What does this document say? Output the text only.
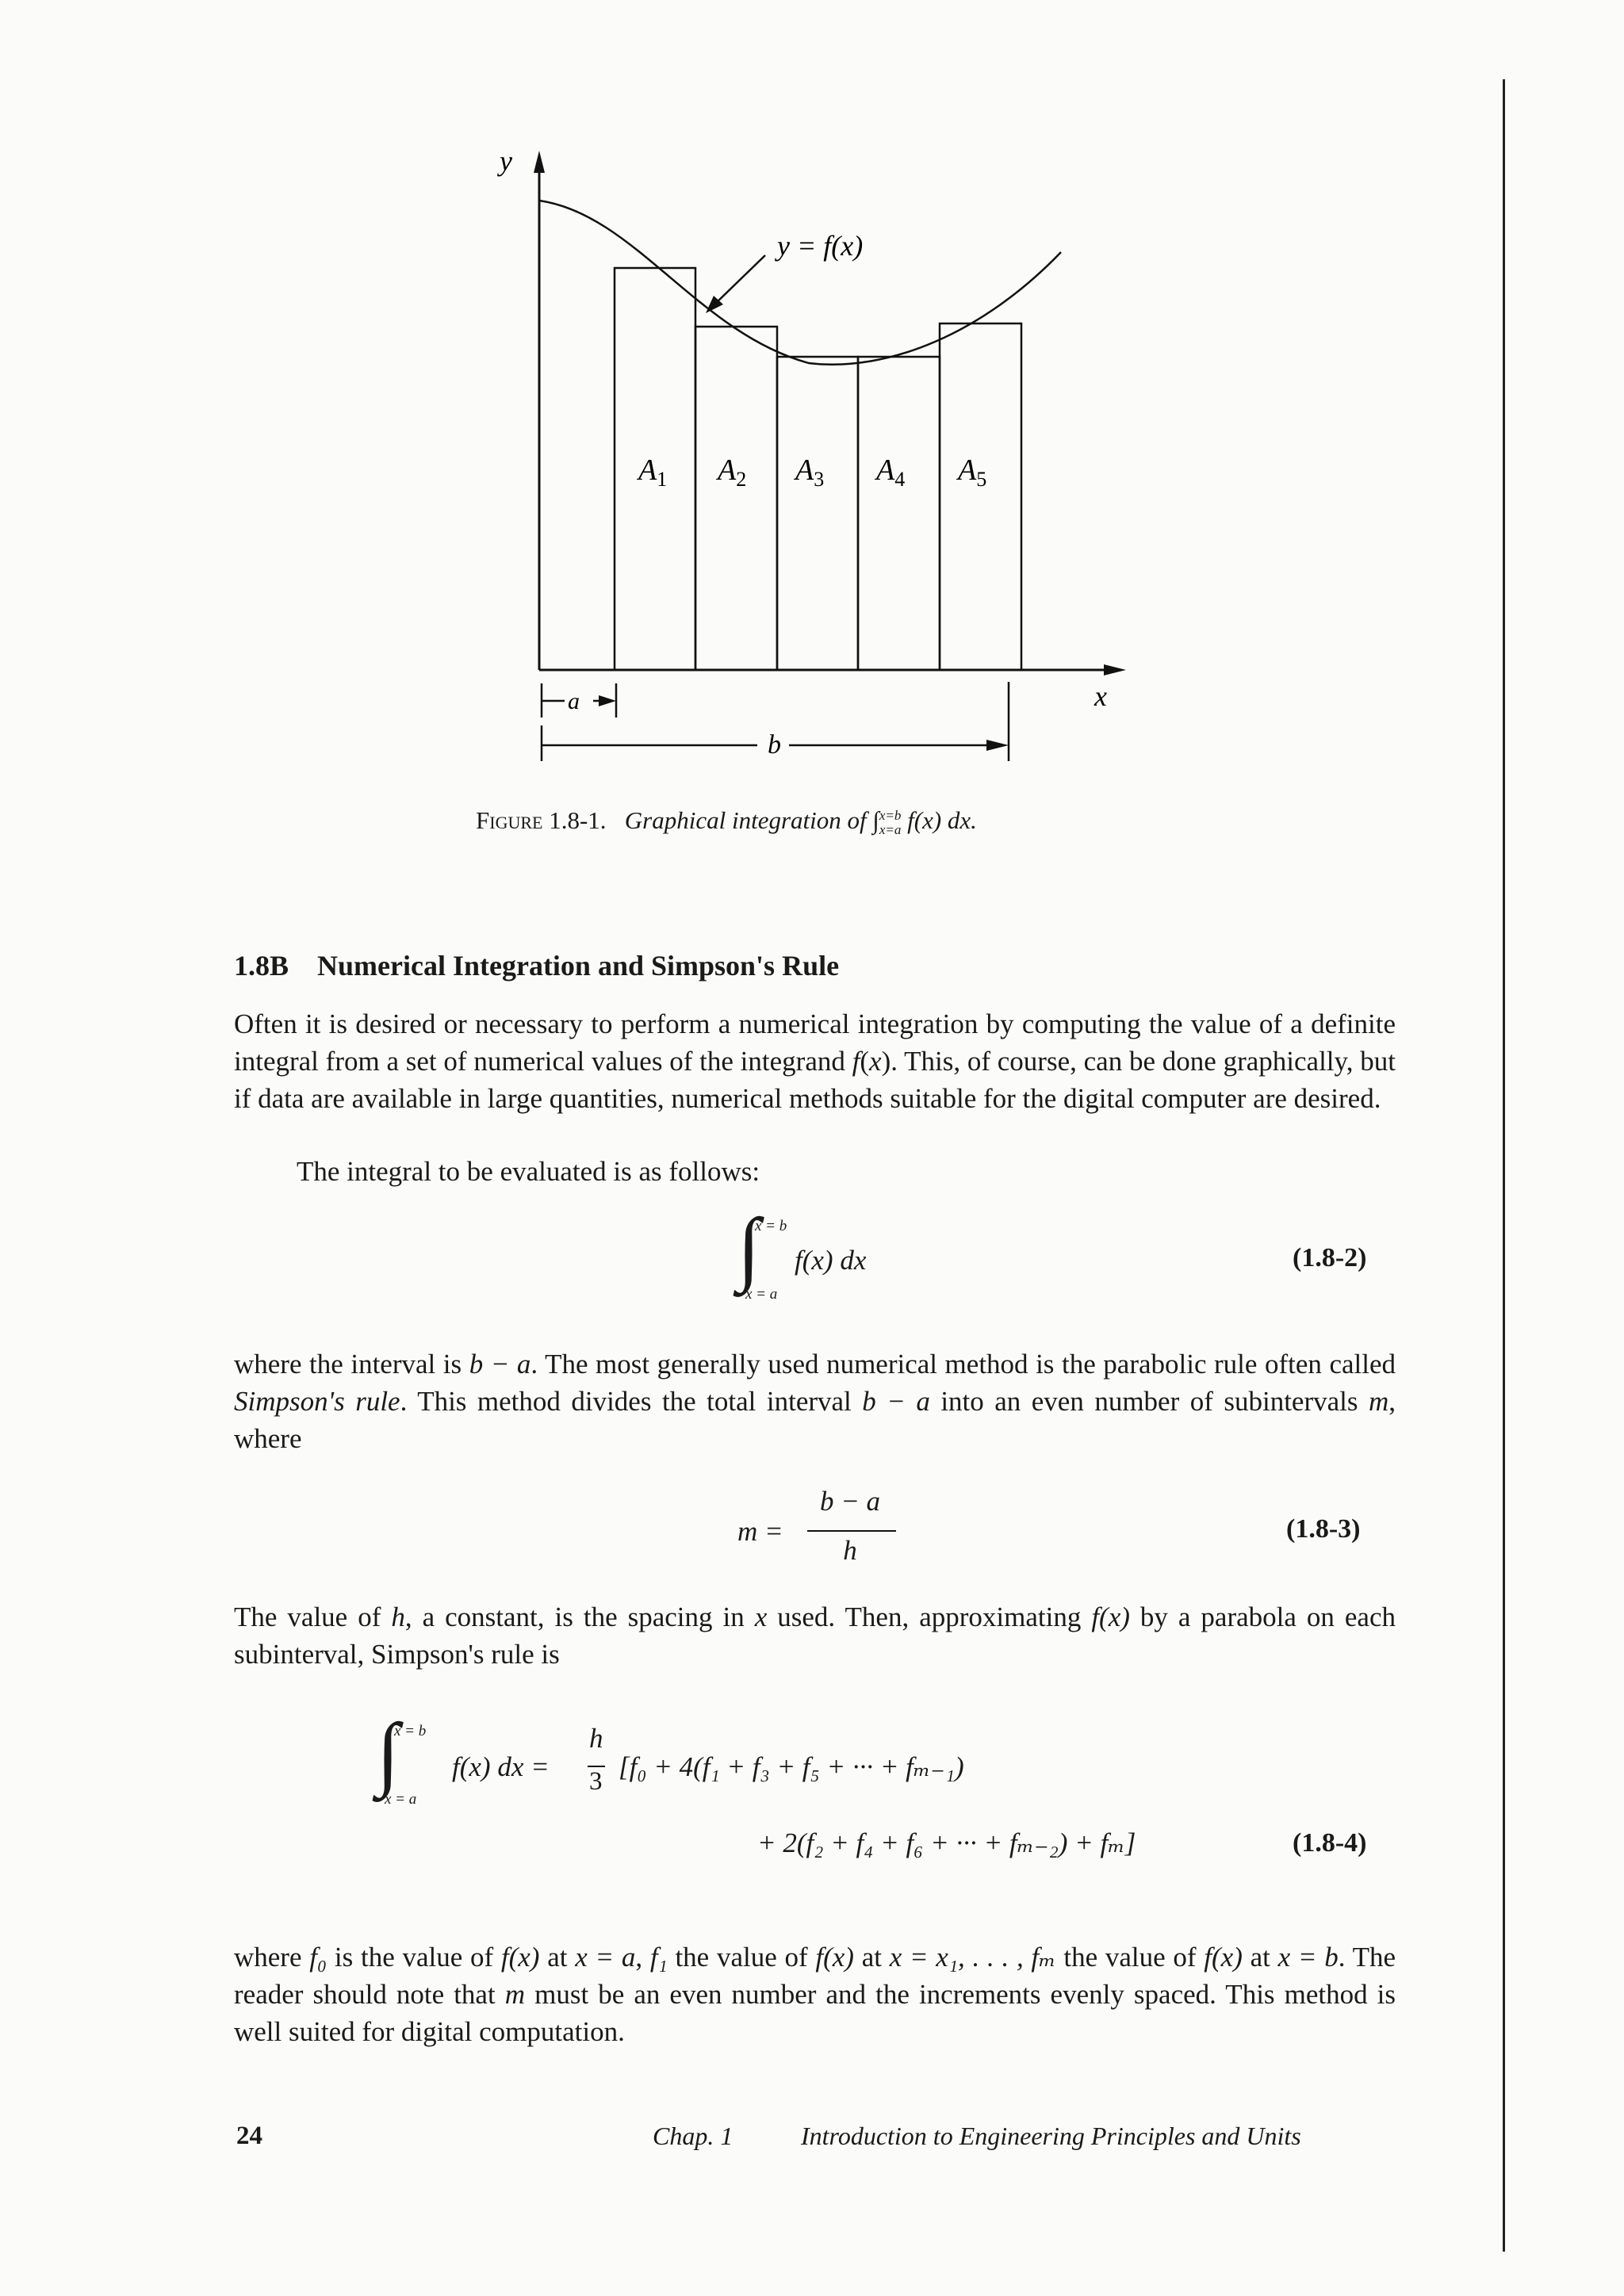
y
x
y = f(x)
$A_1$ $A_2$ $A_3$ $A_4$ $A_5$
a
b
Figure 1.8-1. Graphical integration of ∫ x=b
x=a f(x) dx.
1.8B Numerical Integration and Simpson's Rule
Often it is desired or necessary to perform a numerical integration by computing the value of a definite integral from a set of numerical values of the integrand f(x). This, of course, can be done graphically, but if data are available in large quantities, numerical methods suitable for the digital computer are desired.
The integral to be evaluated is as follows:
∫
x = b
x = a
f(x) dx	(1.8-2)
where the interval is b − a. The most generally used numerical method is the parabolic rule often called Simpson's rule. This method divides the total interval b − a into an even number of subintervals m, where
m =
b − a
h
(1.8-3)
The value of h, a constant, is the spacing in x used. Then, approximating f(x) by a parabola on each subinterval, Simpson's rule is
∫
x = b
x = a
f(x) dx =
h
3 [f₀ + 4(f₁ + f₃ + f₅ + ··· + fₘ₋₁)
+ 2(f₂ + f₄ + f₆ + ··· + fₘ₋₂) + fₘ]	(1.8-4)
where f₀ is the value of f(x) at x = a, f₁ the value of f(x) at x = x₁, . . . , fₘ the value of f(x) at x = b. The reader should note that m must be an even number and the increments evenly spaced. This method is well suited for digital computation.
24	Chap. 1	Introduction to Engineering Principles and Units
